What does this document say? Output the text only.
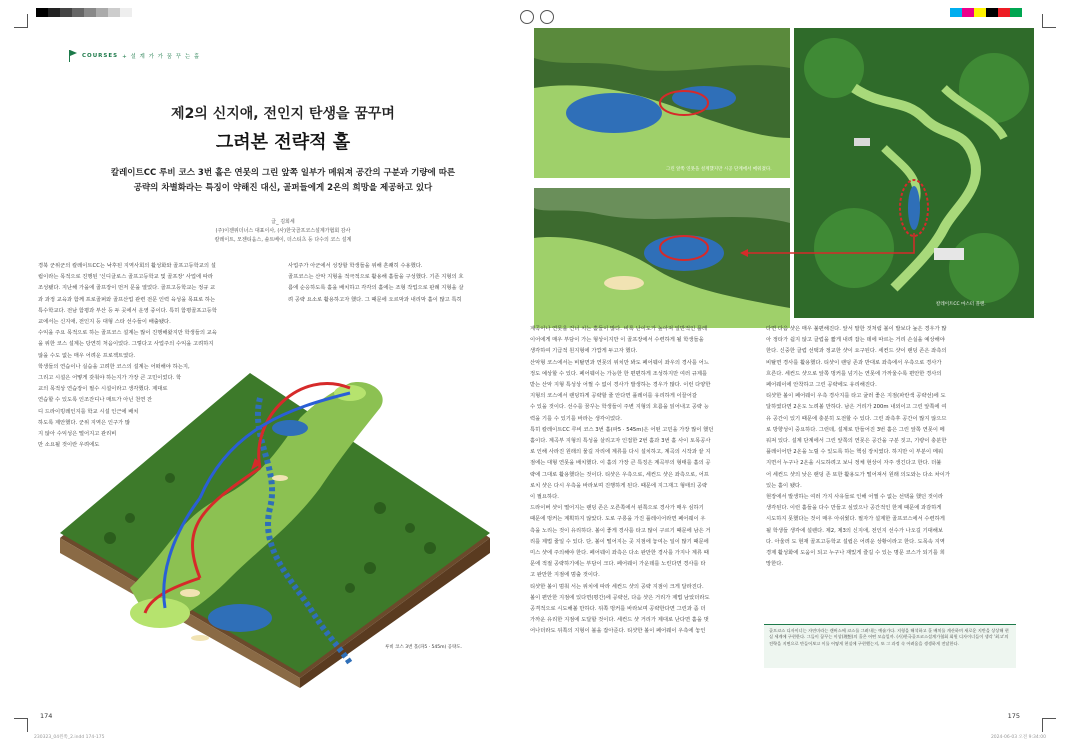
COURSES + 설 계 가 가 꿈 꾸 는 홀
제2의 신지애, 전인지 탄생을 꿈꾸며
그려본 전략적 홀
칼레이트CC 루비 코스 3번 홀은 연못의 그린 앞쪽 일부가 메워져 공간의 구분과 기량에 따른
공략의 차별화라는 특징이 약해진 대신, 골퍼들에게 2온의 희망을 제공하고 있다
글_ 김희세
(주)이젠위더너스 대표이사, (사)한국골프코스설계가협회 감사
칼레이트, 모젠티움스, 솔트베이, 더스티츠 등 다수의 코스 설계

경북 군위군의 칼레이트CC는 낙후된 지역사회의 활성화와 골프고등학교의 설

립이라는 목적으로 진행된 '신디클로스 골프고등학교 및 골프장' 사업에 따라

조성됐다. 지난해 가을에 골프장이 먼저 문을 열었다. 골프고등학교는 정규 교

과 과정 교육과 함께 프로골퍼와 골프산업 관련 전문 인력 육성을 목표로 하는

특수학교다. 전남 함평과 부산 등 두 곳에서 운영 중이다. 특히 함평골프고등학

교에서는 신지애, 전인지 등 대형 스타 선수들이 배출됐다.

수익을 주요 목적으로 하는 골프코스 설계는 많이 진행해왔지만 학생들의 교육

을 위한 코스 설계는 당연히 처음이었다. 그렇다고 사업주의 수익을 고려하지

않을 수도 없는 매우 어려운 프로젝트였다.

학생들의 연습이나 실습을 고려한 코스의 설계는 어떠해야 하는지,

그리고 시설은 어떻게 갖춰야 하는지가 가장 큰 고민이었다. 학

교의 목적상 연습장이 필수 시설이라고 생각했다. 제대로

연습할 수 있도록 인조잔디나 매트가 아닌 천연 잔

디 드라이빙레인지를 학교 시설 인근에 배치

하도록 제안했다. 군위 지역은 인구가 많

지 않아 수익성은 떨어지고 관리비

만 소요될 것이란 우려에도

사업주가 아군에서 성장할 학생들을 위해 흔쾌히 수용했다.

골프코스는 산악 지형을 적극적으로 활용해 홀들을 구성했다. 기존 지형의 흐

름에 순응하도록 홀을 배치하고 각각의 홀에는 조형 작업으로 판례 지형을 살

려 공략 요소로 활용하고자 했다. 그 때문에 오르막과 내리막 홀이 많고 특히

루비 코스 3번 홀(파5 · 545m) 공략도.
174
그린 앞쪽 연못을 설계했지만 시공 단계에서 메워졌다.
칼레이트CC 마스터 플랜.

계곡이나 연못을 건너 치는 홀들이 많다. 비록 난이도가 높아져 일반적인 플레

이어에게 매우 부담이 가는 형상이지만 이 골프장에서 수련하게 될 학생들을

생각하여 기급적 원지형에 가깝게 두고자 했다.

산악형 코스에서는 비탈면과 연못의 위치만 봐도 페어웨이 좌우의 경사를 어느

정도 예상할 수 있다. 페어웨이는 가능한 한 편편하게 조성하지만 여러 규제를

받는 산악 지형 특성상 어쩔 수 없이 경사가 발생하는 경우가 많다. 이런 다양한

지형의 코스에서 랜딩하게 공략할 줄 안다면 플레이를 유리하게 이끌어갈

수 있을 것이다. 선수를 꿈꾸는 학생들이 주변 지형의 흐름을 읽어내고 공략 능

력을 기를 수 있기를 바라는 생각이었다.

특히 칼레이트CC 루비 코스 3번 홀(파5 · 545m)은 어떤 고민을 가장 많이 했던

홀이다. 계곡부 지형의 특성을 살리고자 인접한 2번 홀과 3번 홀 사이 토목공사

로 인해 사라진 원래의 물길 자리에 계류를 다시 설치하고, 계곡의 시작과 끝 지

점에는 대형 연못을 배치했다. 이 홀의 가장 큰 특징은 계곡부의 형태를 홀의 공

략에 그대로 활용했다는 것이다. 티샷은 우측으로, 세컨드 샷은 좌측으로, 어프

로치 샷은 다시 우측을 바라보며 진행하게 된다. 때문에 지그재그 형태의 공략

이 필요하다.

드라이버 샷이 떨어지는 랜딩 존은 오른쪽에서 왼쪽으로 경사가 매우 심하기

때문에 벙커는 계획하지 않았다. 도로 구릉을 가진 플레이어라면 페어웨이 우

측을 노리는 것이 유리하다. 볼이 좋게 경사를 타고 많이 구르기 때문에 남은 거

리를 제법 줄일 수 있다. 단, 볼이 떨어지는 곳 지점에 놓여는 일이 많기 때문에

미스 샷에 주의해야 한다. 페어웨이 좌측은 다소 완만한 경사를 가지나 계류 때

문에 적절 공략하기에는 부담이 크다. 페어웨이 가운데를 노린다면 경사를 타

고 완만한 지점에 멈출 것이다.

티샷한 볼이 멈춰 서는 위치에 따라 세컨드 샷의 공략 지점이 크게 달라진다.

볼이 편안한 지점에 있다면(평간)에 공략선, 다음 샷은 거리가 제법 남았더라도

공격적으로 시도해볼 만하다. 뒤쪽 벙커를 바라보며 공략한다면 그린과 좀 더

가까운 유리한 지점에 도달할 것이다. 세컨드 샷 거리가 제대로 난다면 홀을 벗

어나더라도 뒤쪽의 지형이 볼을 잡아준다. 티샷한 볼이 페어웨이 우측에 놓인

다면 다음 샷은 매우 불편해진다. 앞서 말한 것처럼 볼이 발보다 높은 경우가 많

아 정타가 쉽지 않고 클럽을 짧게 내려 잡는 데에 따르는 거리 손실을 예상해야

한다. 신중한 클럽 선택과 정교한 샷이 요구된다. 세컨드 샷이 랜딩 존은 좌측의

비탈면 경사를 활용했다. 티샷이 랜딩 존과 반대로 좌측에서 우측으로 경사가

흐른다. 세컨드 샷으로 앞쪽 벙커를 넘기는 연못에 가까울수록 편안한 경사의

페어웨이에 안착하고 그린 공략에도 유리해진다.

티샷한 볼이 페어웨이 우측 경사지를 타고 굴러 좋은 지점(파란색 공략선)에 도

달하였다면 2온도 노려볼 만하다. 남은 거리가 200m 내외이고 그린 앞쪽에 여

유 공간이 있기 때문에 충분히 도전할 수 있다. 그린 좌측후 공간이 많지 않으므

로 방향성이 중요하다. 그런데, 설계로 만들어진 3번 홀은 그린 앞쪽 연못이 메

워져 있다. 설계 단계에서 그린 앞쪽의 연못은 공간을 구분 짓고, 기량이 충분한

플레이어만 2온을 노릴 수 있도록 하는 핵심 장치였다. 하지만 이 부분이 메워

지면서 누구나 2온을 시도하려고 보니 정체 현상이 자주 생긴다고 한다. 더불

어 세컨드 샷의 낮은 랜딩 존 또한 활용도가 떨어져서 원래 의도와는 다소 차이가

있는 홀이 됐다.

현장에서 발생하는 여러 가지 사유들로 인해 어쩔 수 없는 선택을 했던 것이라

생각된다. 이런 홀들을 다수 만들고 싶었으나 공간적인 한계 때문에 과감하게

시도하지 못했다는 것이 매우 아쉬웠다. 필자가 설계한 골프코스에서 수련하게

될 학생들 생각에 설렌다. 제2, 제3의 신지애, 전인지 선수가 나오길 기대해보

다. 아울러 도 현재 골프고등학교 설립은 어려운 상황이라고 한다. 도목속 지역

경제 활성화에 도움이 되고 누구나 재밌게 즐길 수 있는 명문 코스가 되기를 희

망한다.

골프코스 디자이너는 자연미라는 캔버스에 코스를 그려내는 예술가다. 지형을 해석하고 홀 배치를 계산하며 새로운 지반을 상상해 현실 세계에 구현한다. 그들이 꿈꾸는 이상(理想)의 홀은 어떤 모습일까. (사)한국골프코스설계가협회 회원 디자이너들이 생각 '최고'의 전략을 지면으로 만들어보고 이를 어떻게 현실에 구현했는지, 또 그 과정 속 어려움을 생생하게 전달한다.
175
230323_04왼쪽_2.indd 174-175	2024-06-03 오전 9:34:00
